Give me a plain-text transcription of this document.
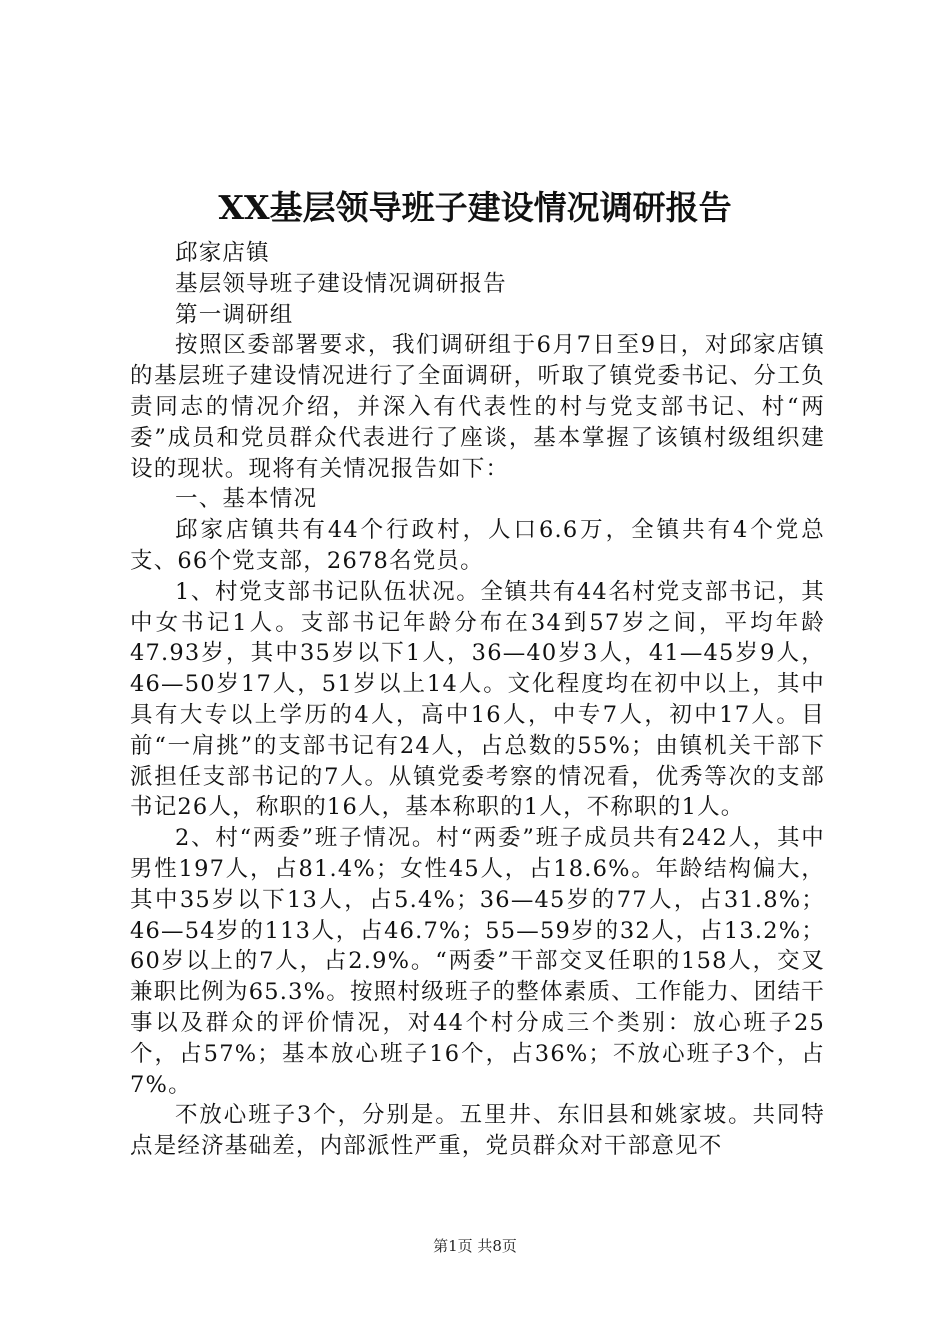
XX基层领导班子建设情况调研报告

邱家店镇

基层领导班子建设情况调研报告

第一调研组

按照区委部署要求，我们调研组于6月7日至9日，对邱家店镇的基层班子建设情况进行了全面调研，听取了镇党委书记、分工负责同志的情况介绍，并深入有代表性的村与党支部书记、村“两委”成员和党员群众代表进行了座谈，基本掌握了该镇村级组织建设的现状。现将有关情况报告如下：

一、基本情况

邱家店镇共有44个行政村，人口6.6万，全镇共有4个党总支、66个党支部，2678名党员。

1、村党支部书记队伍状况。全镇共有44名村党支部书记，其中女书记1人。支部书记年龄分布在34到57岁之间，平均年龄47.93岁，其中35岁以下1人，36—40岁3人，41—45岁9人，46—50岁17人，51岁以上14人。文化程度均在初中以上，其中具有大专以上学历的4人，高中16人，中专7人，初中17人。目前“一肩挑”的支部书记有24人，占总数的55%；由镇机关干部下派担任支部书记的7人。从镇党委考察的情况看，优秀等次的支部书记26人，称职的16人，基本称职的1人，不称职的1人。

2、村“两委”班子情况。村“两委”班子成员共有242人，其中男性197人，占81.4%；女性45人，占18.6%。年龄结构偏大，其中35岁以下13人，占5.4%；36—45岁的77人，占31.8%；46—54岁的113人，占46.7%；55—59岁的32人，占13.2%；60岁以上的7人，占2.9%。“两委”干部交叉任职的158人，交叉兼职比例为65.3%。按照村级班子的整体素质、工作能力、团结干事以及群众的评价情况，对44个村分成三个类别：放心班子25个，占57%；基本放心班子16个，占36%；不放心班子3个，占7%。

不放心班子3个，分别是。五里井、东旧县和姚家坡。共同特点是经济基础差，内部派性严重，党员群众对干部意见不

第1页 共8页
